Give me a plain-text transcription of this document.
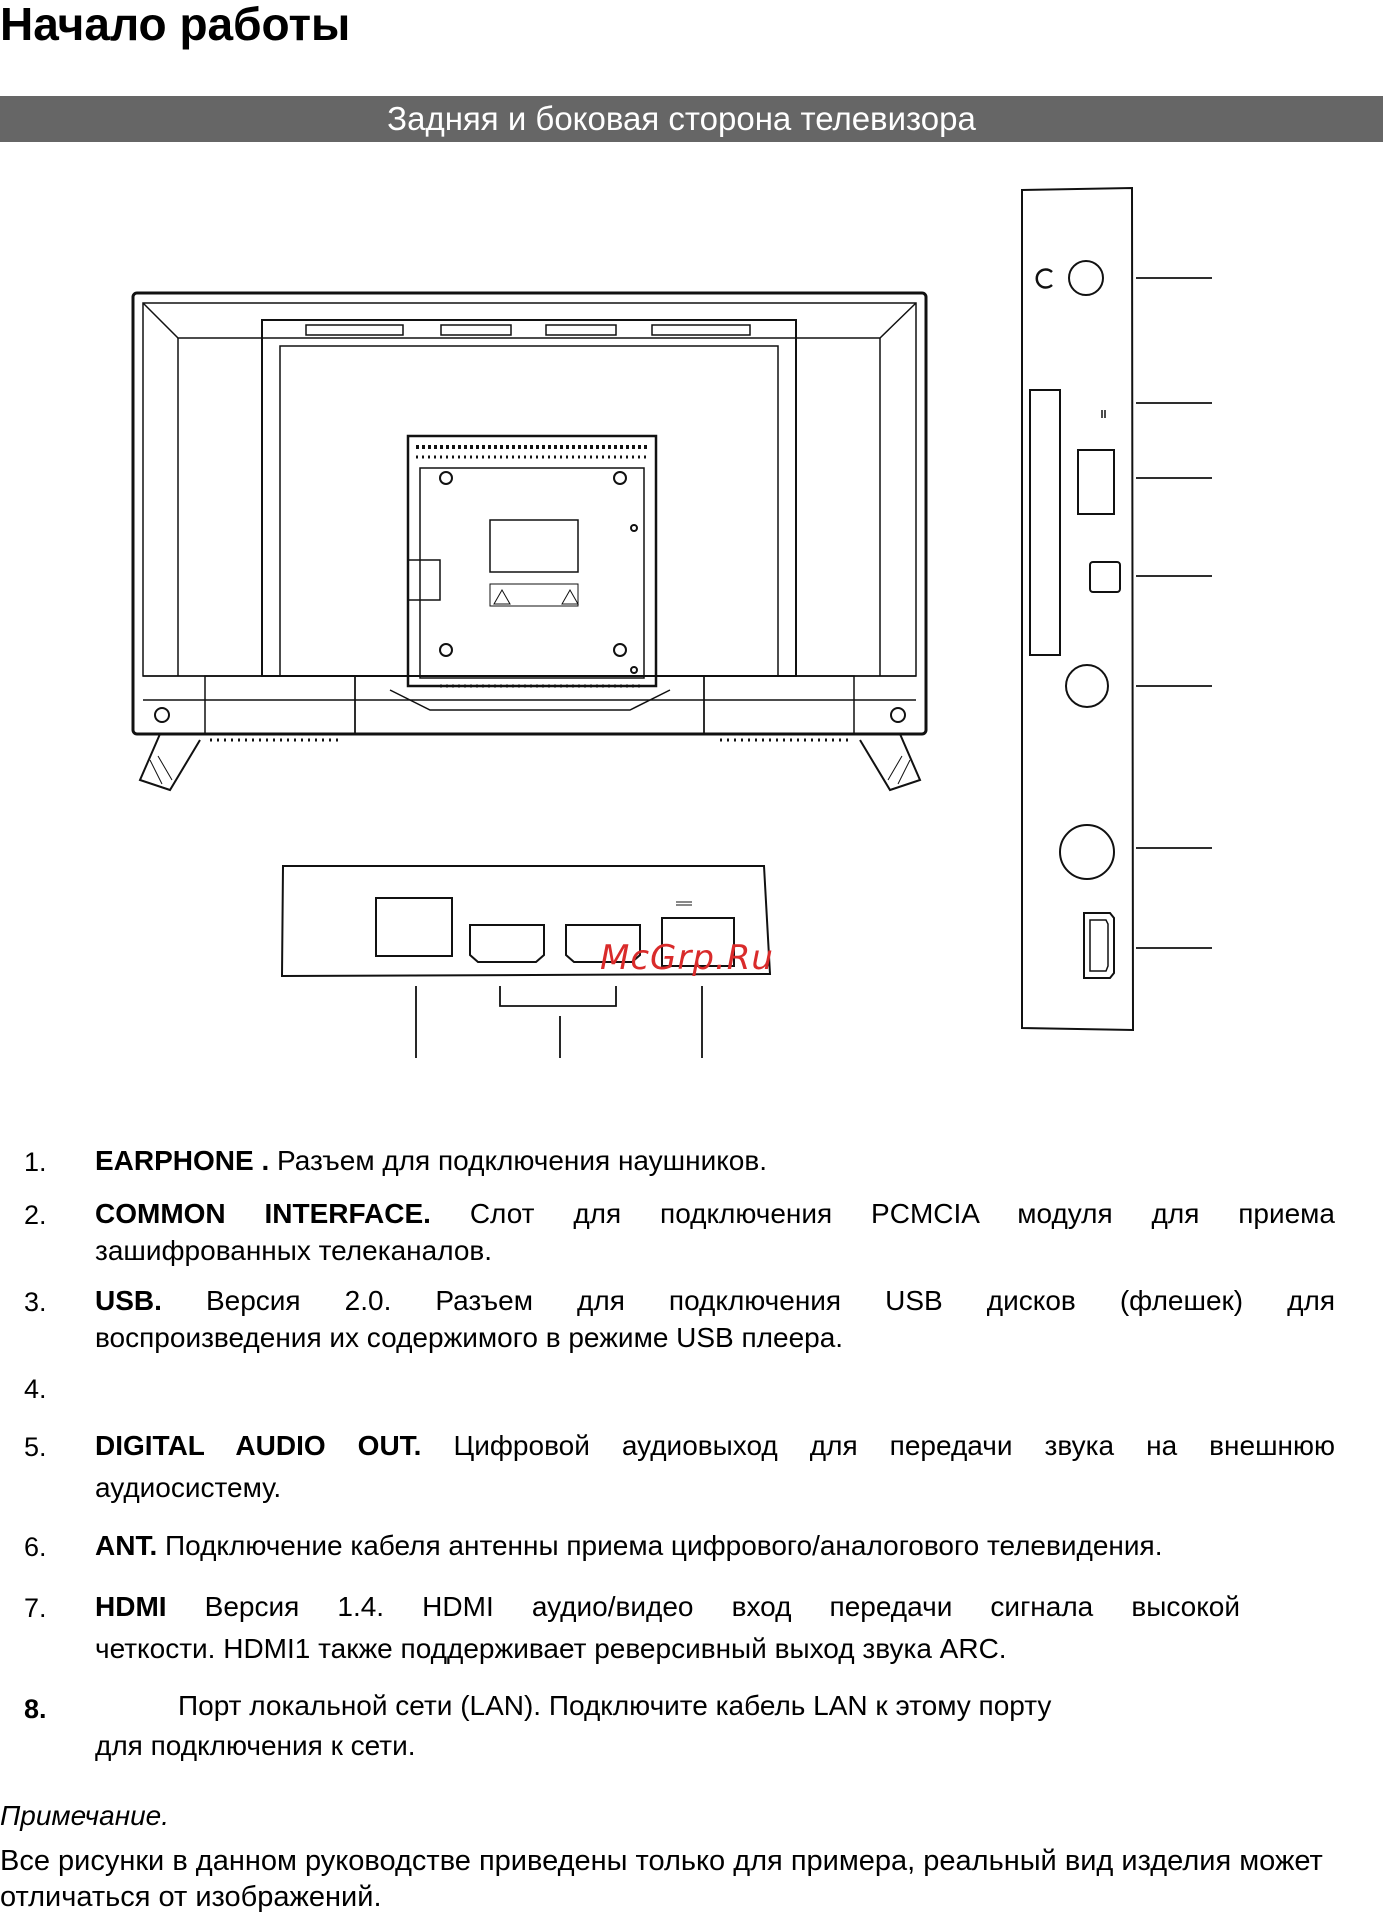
Начало работы
Задняя и боковая сторона телевизора
McGrp.Ru
1. EARPHONE . Разъем для подключения наушников.
2. COMMON INTERFACE. Слот для подключения PCMCIA модуля для приема
зашифрованных телеканалов.
3. USB. Версия 2.0. Разъем для подключения USB дисков (флешек) для
воспроизведения их содержимого в режиме USB плеера.
4.
5. DIGITAL AUDIO OUT. Цифровой аудиовыход для передачи звука на внешнюю
аудиосистему.
6. ANT. Подключение кабеля антенны приема цифрового/аналогового телевидения.
7. HDMI Версия 1.4. HDMI аудио/видео вход передачи сигнала высокой
четкости. HDMI1 также поддерживает реверсивный выход звука ARC.
8.	Порт локальной сети (LAN). Подключите кабель LAN к этому порту
для подключения к сети.
Примечание.
Все рисунки в данном руководстве приведены только для примера, реальный вид изделия может отличаться от изображений.
